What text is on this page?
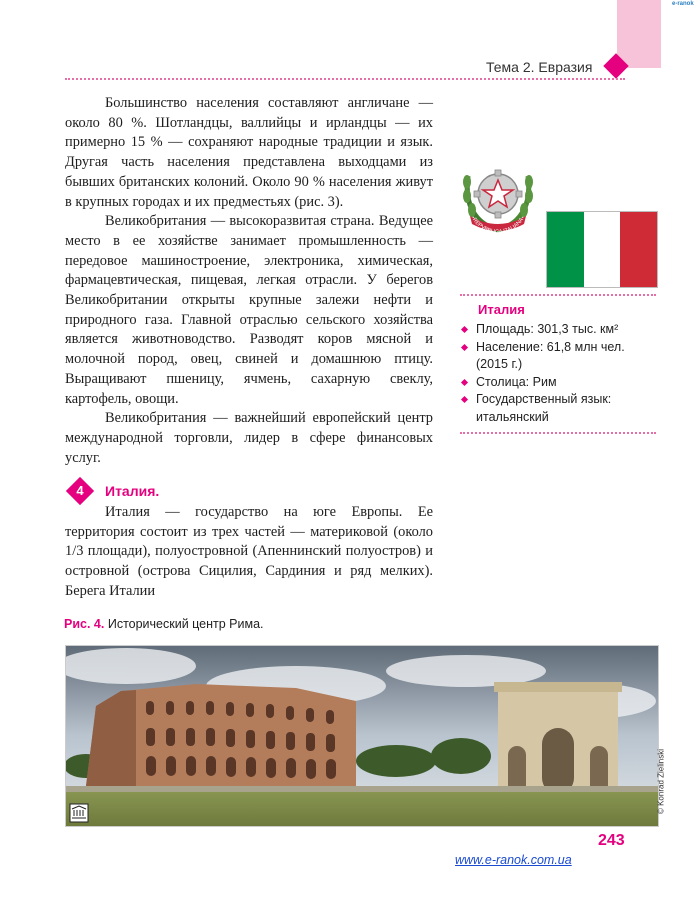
e-ranok
Тема 2. Евразия

Большинство населения составляют англичане — около 80 %. Шотландцы, валлийцы и ирландцы — их примерно 15 % — сохраняют народные традиции и язык. Другая часть населения представлена выходцами из бывших британских колоний. Около 90 % населения живут в крупных городах и их предместьях (рис. 3).

Великобритания — высокоразвитая страна. Ведущее место в ее хозяйстве занимает промышленность — передовое машиностроение, электроника, химическая, фармацевтическая, пищевая, легкая отрасли. У берегов Великобритании открыты крупные залежи нефти и природного газа. Главной отраслью сельского хозяйства является животноводство. Разводят коров мясной и молочной пород, овец, свиней и домашнюю птицу. Выращивают пшеницу, ячмень, сахарную свеклу, картофель, овощи.

Великобритания — важнейший европейский центр международной торговли, лидер в сфере финансовых услуг.

4	Италия.

Италия — государство на юге Европы. Ее территория состоит из трех частей — материковой (около 1/3 площади), полуостровной (Апеннинский полуостров) и островной (острова Сицилия, Сардиния и ряд мелких). Берега Италии

REPVBBLICA ITALIANA
Италия
Площадь: 301,3 тыс. км²
Население: 61,8 млн чел. (2015 г.)
Столица: Рим
Государственный язык: итальянский
Рис. 4. Исторический центр Рима.
© Konrad Zielinski
243
www.e-ranok.com.ua
